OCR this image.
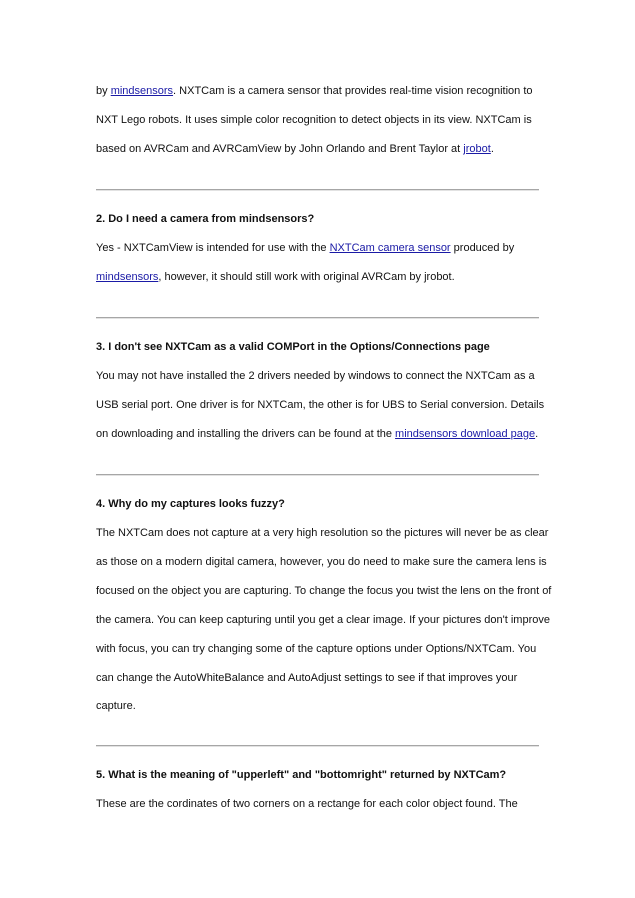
by mindsensors. NXTCam is a camera sensor that provides real-time vision recognition to
NXT Lego robots. It uses simple color recognition to detect objects in its view. NXTCam is
based on AVRCam and AVRCamView by John Orlando and Brent Taylor at jrobot.
2. Do I need a camera from mindsensors?
Yes - NXTCamView is intended for use with the NXTCam camera sensor produced by
mindsensors, however, it should still work with original AVRCam by jrobot.
3. I don't see NXTCam as a valid COMPort in the Options/Connections page
You may not have installed the 2 drivers needed by windows to connect the NXTCam as a
USB serial port. One driver is for NXTCam, the other is for UBS to Serial conversion. Details
on downloading and installing the drivers can be found at the mindsensors download page.
4. Why do my captures looks fuzzy?
The NXTCam does not capture at a very high resolution so the pictures will never be as clear
as those on a modern digital camera, however, you do need to make sure the camera lens is
focused on the object you are capturing. To change the focus you twist the lens on the front of
the camera. You can keep capturing until you get a clear image. If your pictures don't improve
with focus, you can try changing some of the capture options under Options/NXTCam. You
can change the AutoWhiteBalance and AutoAdjust settings to see if that improves your
capture.
5. What is the meaning of "upperleft" and "bottomright" returned by NXTCam?
These are the cordinates of two corners on a rectange for each color object found. The
